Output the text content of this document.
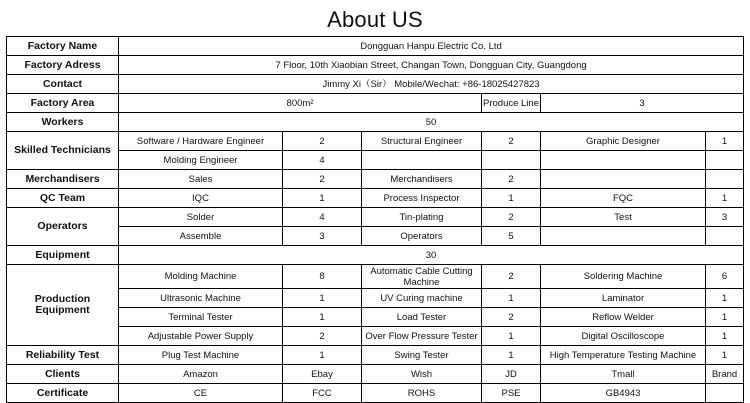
About US
Factory Name	Dongguan Hanpu Electric Co. Ltd					
Factory Adress	7 Floor, 10th Xiaobian Street, Changan Town, Dongguan City, Guangdong					
Contact	Jimmy Xi（Sir） Mobile/Wechat: +86-18025427823					
Factory Area	800m²			Produce Line	3	
Workers	50					
Skilled Technicians	Software / Hardware Engineer	2	Structural Engineer	2	Graphic Designer	1
	Molding Engineer	4				
Merchandisers	Sales	2	Merchandisers	2		
QC Team	IQC	1	Process Inspector	1	FQC	1
Operators	Solder	4	Tin-plating	2	Test	3
	Assemble	3	Operators	5		
Equipment	30					
Production Equipment	Molding Machine	8	Automatic Cable Cutting Machine	2	Soldering Machine	6
	Ultrasonic Machine	1	UV Curing machine	1	Laminator	1
	Terminal Tester	1	Load Tester	2	Reflow Welder	1
	Adjustable Power Supply	2	Over Flow Pressure Tester	1	Digital Oscilloscope	1
Reliability Test	Plug Test Machine	1	Swing Tester	1	High Temperature Testing Machine	1
Clients	Amazon	Ebay	Wish	JD	Tmall	Brand
Certificate	CE	FCC	ROHS	PSE	GB4943	
